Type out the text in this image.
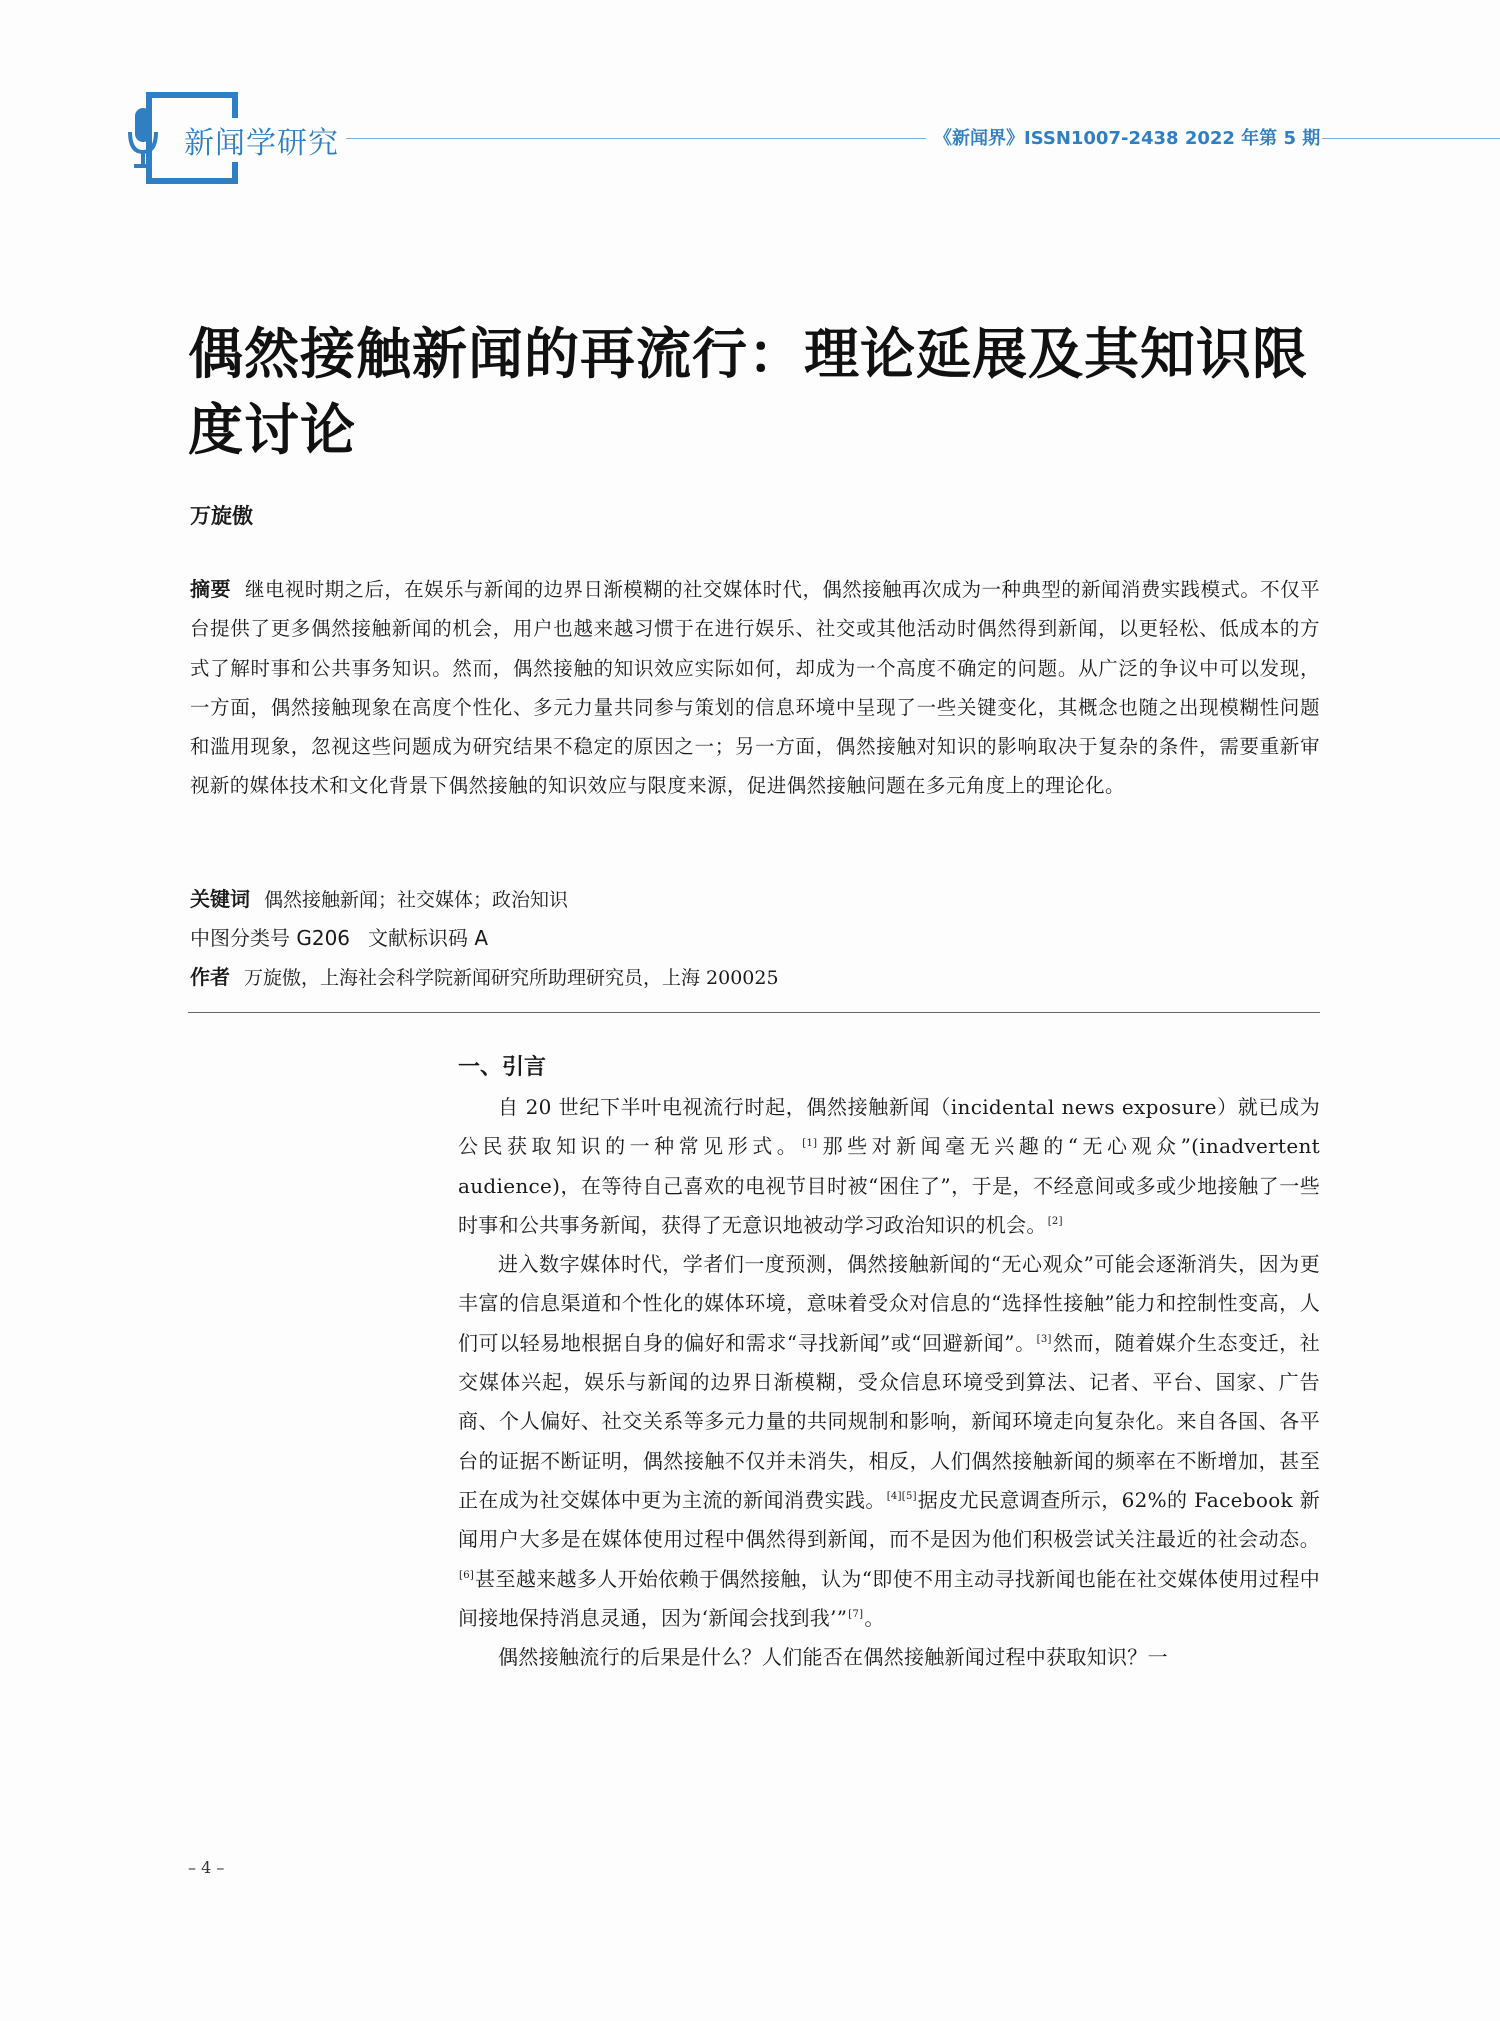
新闻学研究	《新闻界》ISSN1007-2438 2022 年第 5 期
偶然接触新闻的再流行：理论延展及其知识限度讨论
万旋傲
摘要 继电视时期之后，在娱乐与新闻的边界日渐模糊的社交媒体时代，偶然接触再次成为一种典型的新闻消费实践模式。不仅平台提供了更多偶然接触新闻的机会，用户也越来越习惯于在进行娱乐、社交或其他活动时偶然得到新闻，以更轻松、低成本的方式了解时事和公共事务知识。然而，偶然接触的知识效应实际如何，却成为一个高度不确定的问题。从广泛的争议中可以发现，一方面，偶然接触现象在高度个性化、多元力量共同参与策划的信息环境中呈现了一些关键变化，其概念也随之出现模糊性问题和滥用现象，忽视这些问题成为研究结果不稳定的原因之一；另一方面，偶然接触对知识的影响取决于复杂的条件，需要重新审视新的媒体技术和文化背景下偶然接触的知识效应与限度来源，促进偶然接触问题在多元角度上的理论化。
关键词 偶然接触新闻；社交媒体；政治知识
中图分类号 G206 文献标识码 A
作者 万旋傲，上海社会科学院新闻研究所助理研究员，上海 200025
一、引言

自 20 世纪下半叶电视流行时起，偶然接触新闻（incidental news exposure）就已成为公民获取知识的一种常见形式。[1]那些对新闻毫无兴趣的“无心观众”(inadvertent audience)，在等待自己喜欢的电视节目时被“困住了”，于是，不经意间或多或少地接触了一些时事和公共事务新闻，获得了无意识地被动学习政治知识的机会。[2]

进入数字媒体时代，学者们一度预测，偶然接触新闻的“无心观众”可能会逐渐消失，因为更丰富的信息渠道和个性化的媒体环境，意味着受众对信息的“选择性接触”能力和控制性变高，人们可以轻易地根据自身的偏好和需求“寻找新闻”或“回避新闻”。[3]然而，随着媒介生态变迁，社交媒体兴起，娱乐与新闻的边界日渐模糊，受众信息环境受到算法、记者、平台、国家、广告商、个人偏好、社交关系等多元力量的共同规制和影响，新闻环境走向复杂化。来自各国、各平台的证据不断证明，偶然接触不仅并未消失，相反，人们偶然接触新闻的频率在不断增加，甚至正在成为社交媒体中更为主流的新闻消费实践。[4][5]据皮尤民意调查所示，62%的 Facebook 新闻用户大多是在媒体使用过程中偶然得到新闻，而不是因为他们积极尝试关注最近的社会动态。[6]甚至越来越多人开始依赖于偶然接触，认为“即使不用主动寻找新闻也能在社交媒体使用过程中间接地保持消息灵通，因为‘新闻会找到我’”[7]。

偶然接触流行的后果是什么？人们能否在偶然接触新闻过程中获取知识？一

– 4 –
